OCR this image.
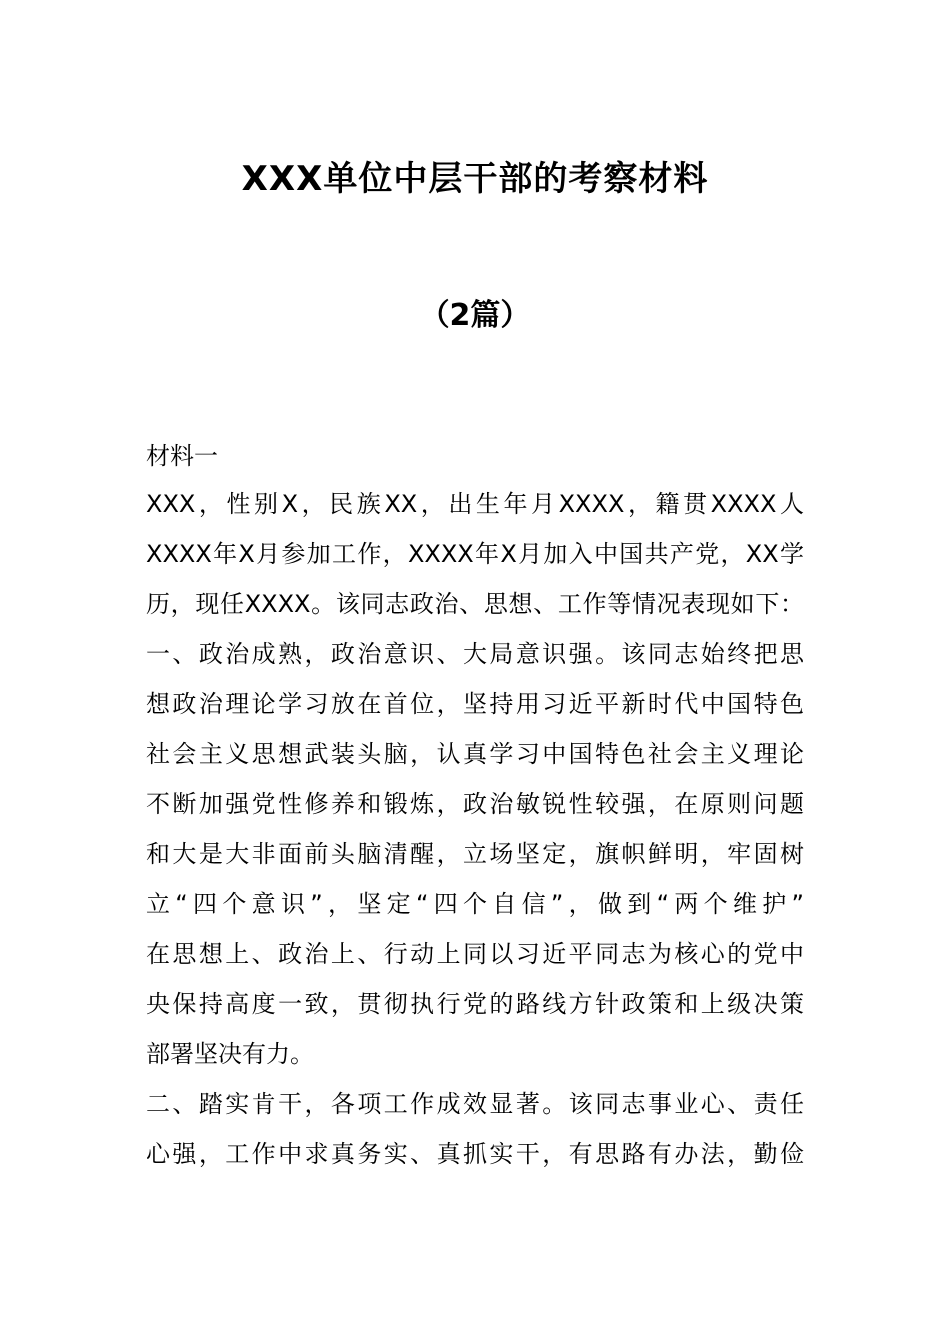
XXX单位中层干部的考察材料
（2篇）
材料一
XXX，性别X，民族XX，出生年月XXXX，籍贯XXXX人
XXXX年X月参加工作，XXXX年X月加入中国共产党，XX学
历，现任XXXX。该同志政治、思想、工作等情况表现如下：
一、政治成熟，政治意识、大局意识强。该同志始终把思
想政治理论学习放在首位，坚持用习近平新时代中国特色
社会主义思想武装头脑，认真学习中国特色社会主义理论
不断加强党性修养和锻炼，政治敏锐性较强，在原则问题
和大是大非面前头脑清醒，立场坚定，旗帜鲜明，牢固树
立“四个意识”，坚定“四个自信”，做到“两个维护”
在思想上、政治上、行动上同以习近平同志为核心的党中
央保持高度一致，贯彻执行党的路线方针政策和上级决策
部署坚决有力。
二、踏实肯干，各项工作成效显著。该同志事业心、责任
心强，工作中求真务实、真抓实干，有思路有办法，勤俭
